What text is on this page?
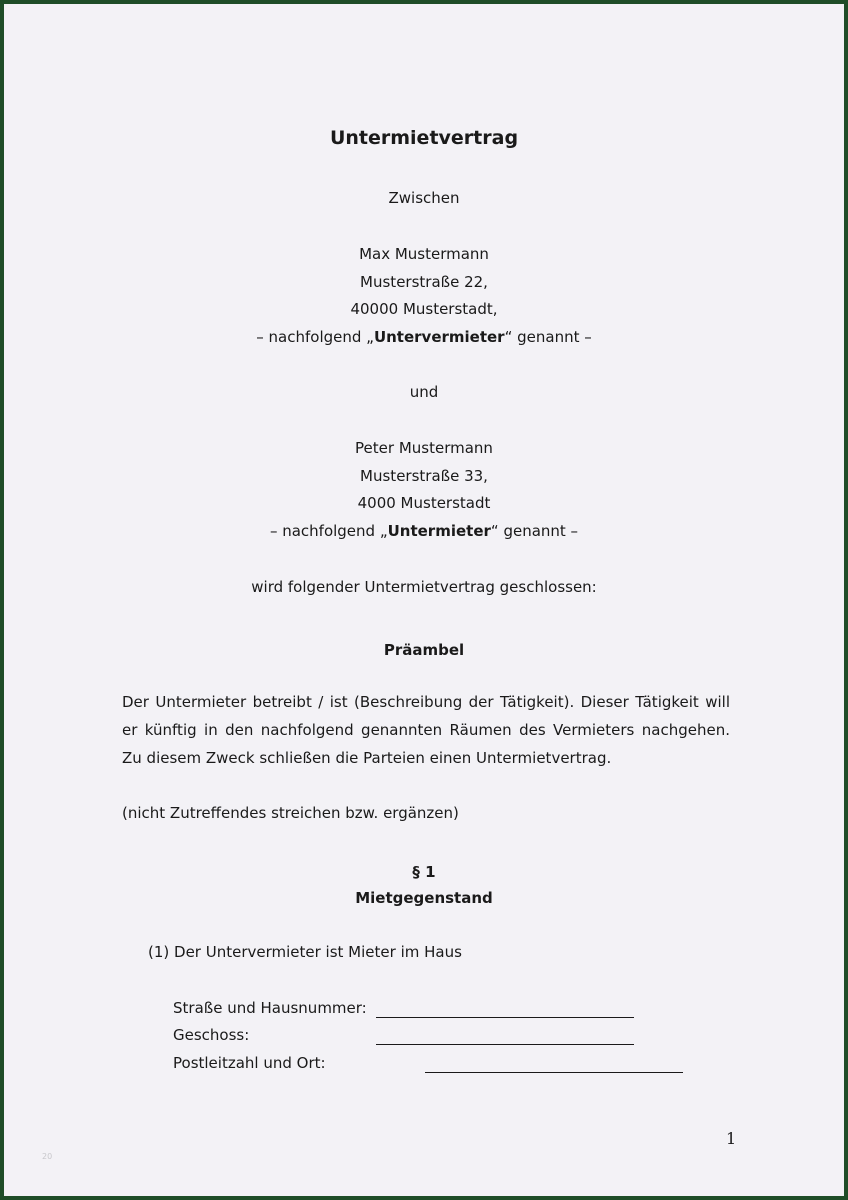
Untermietvertrag
Zwischen
Max Mustermann
Musterstraße 22,
40000 Musterstadt,
– nachfolgend „Untervermieter“ genannt –
und
Peter Mustermann
Musterstraße 33,
4000 Musterstadt
– nachfolgend „Untermieter“ genannt –
wird folgender Untermietvertrag geschlossen:
Präambel
Der Untermieter betreibt / ist (Beschreibung der Tätigkeit). Dieser Tätigkeit will er künftig in den nachfolgend genannten Räumen des Vermieters nachgehen. Zu diesem Zweck schließen die Parteien einen Untermietvertrag.
(nicht Zutreffendes streichen bzw. ergänzen)
§ 1
Mietgegenstand
(1) Der Untervermieter ist Mieter im Haus
Straße und Hausnummer:
Geschoss:
Postleitzahl und Ort:
1
20
